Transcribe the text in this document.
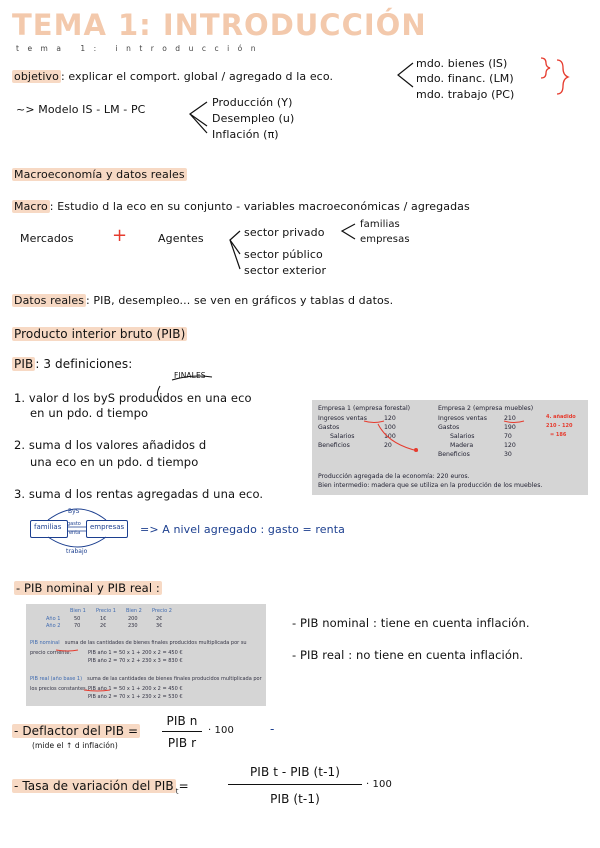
TEMA 1: INTRODUCCIÓN
tema 1: introducción
objetivo : explicar el comport. global / agregado d la eco.
mdo. bienes (IS)
mdo. financ. (LM)
mdo. trabajo (PC)
~> Modelo IS - LM - PC
Producción (Y)
Desempleo (u)
Inflación (π)
Macroeconomía y datos reales
Macro : Estudio d la eco en su conjunto - variables macroeconómicas / agregadas
Mercados +	Agentes	sector privado
sector público
sector exterior
familias
empresas
Datos reales : PIB, desempleo... se ven en gráficos y tablas d datos.
Producto interior bruto (PIB)
PIB : 3 definiciones:
FINALES
1. valor d los byS producidos en una eco
en un pdo. d tiempo
2. suma d los valores añadidos d
una eco en un pdo. d tiempo
3. suma d los rentas agregadas d una eco.
Empresa 1 (empresa forestal)	Empresa 2 (empresa muebles)
Ingresos ventas	120
Gastos	100
Salarios	100
Beneficios	20
Ingresos ventas	210
Gastos	190
Salarios	70
Madera	120
Beneficios	30
4. añadido
210 - 120
= 186
Producción agregada de la economía: 220 euros.
Bien intermedio: madera que se utiliza en la producción de los muebles.
familias	empresas
ByS
gasto
renta
trabajo
=> A nivel agregado : gasto = renta
- PIB nominal y PIB real :
- PIB nominal : tiene en cuenta inflación.
- PIB real : no tiene en cuenta inflación.
Bien 1 Precio 1 Bien 2 Precio 2
Año 1	50	1€	200	2€
Año 2	70	2€	230	3€
PIB nominal suma de las cantidades de bienes finales producidos multiplicada por su precio corriente.	PIB año 1 = 50 x 1 + 200 x 2 = 450 €
PIB año 2 = 70 x 2 + 230 x 3 = 830 €
PIB real (año base 1) suma de las cantidades de bienes finales producidos multiplicada por los precios constantes. PIB año 1 = 50 x 1 + 200 x 2 = 450 €
PIB año 2 = 70 x 1 + 230 x 2 = 530 €
- Deflactor del PIB =
(mide el ↑ d inflación)
PIB n
PIB r
· 100	-
- Tasa de variación del PIB $_t$=
PIB t - PIB (t-1)
PIB (t-1)
· 100
